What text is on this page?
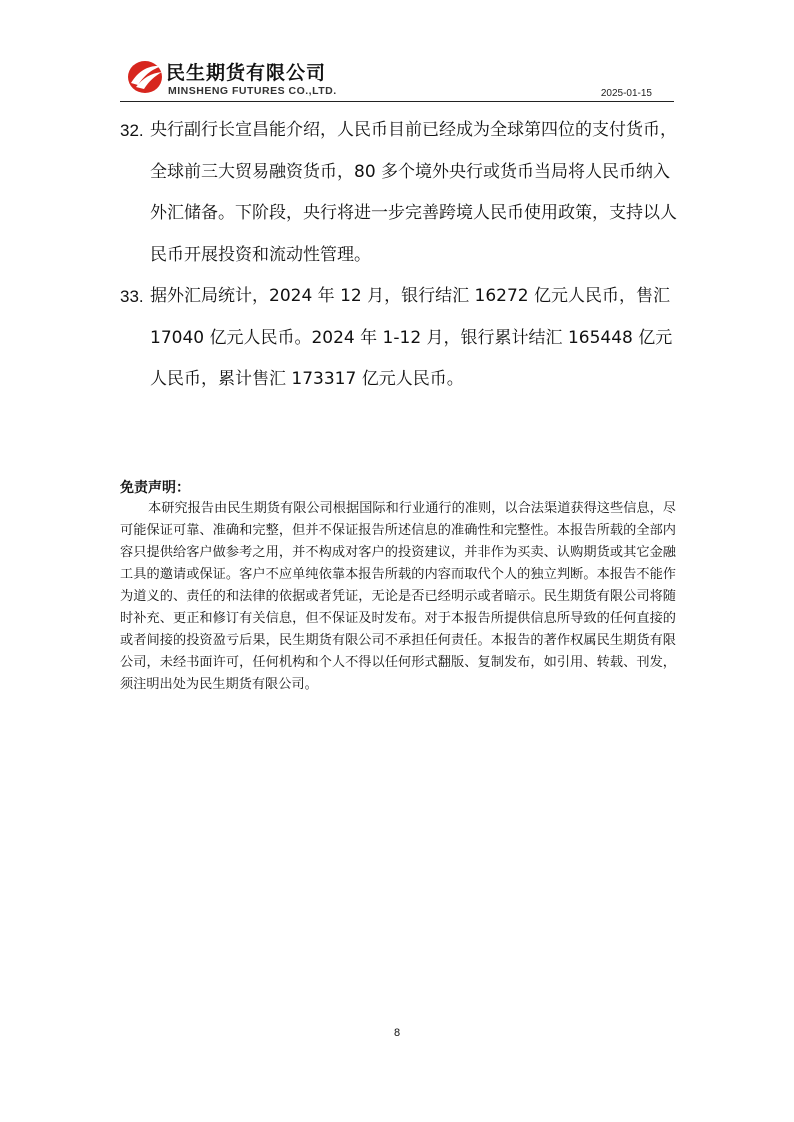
民生期货有限公司
MINSHENG FUTURES CO.,LTD.	2025-01-15
32. 央行副行长宣昌能介绍，人民币目前已经成为全球第四位的支付货币，全球前三大贸易融资货币，80 多个境外央行或货币当局将人民币纳入外汇储备。下阶段，央行将进一步完善跨境人民币使用政策，支持以人民币开展投资和流动性管理。
33. 据外汇局统计，2024 年 12 月，银行结汇 16272 亿元人民币，售汇 17040 亿元人民币。2024 年 1-12 月，银行累计结汇 165448 亿元人民币，累计售汇 173317 亿元人民币。
免责声明：

本研究报告由民生期货有限公司根据国际和行业通行的准则，以合法渠道获得这些信息，尽可能保证可靠、准确和完整，但并不保证报告所述信息的准确性和完整性。本报告所载的全部内容只提供给客户做参考之用，并不构成对客户的投资建议，并非作为买卖、认购期货或其它金融工具的邀请或保证。客户不应单纯依靠本报告所载的内容而取代个人的独立判断。本报告不能作为道义的、责任的和法律的依据或者凭证，无论是否已经明示或者暗示。民生期货有限公司将随时补充、更正和修订有关信息，但不保证及时发布。对于本报告所提供信息所导致的任何直接的或者间接的投资盈亏后果，民生期货有限公司不承担任何责任。本报告的著作权属民生期货有限公司，未经书面许可，任何机构和个人不得以任何形式翻版、复制发布，如引用、转载、刊发，须注明出处为民生期货有限公司。

8
